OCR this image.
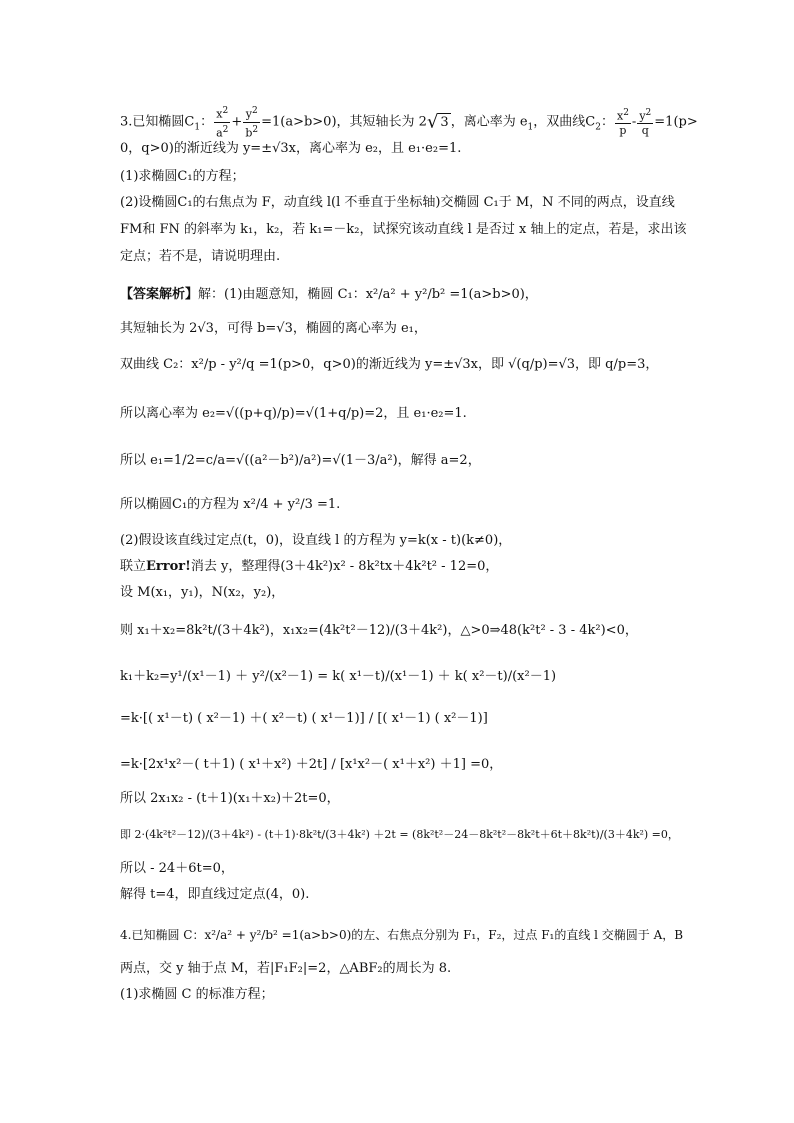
3.已知椭圆$C_1$： $\frac{x^2}{a^2} + \frac{y^2}{b^2} =1(a>b>0)$，其短轴长为 2√ 3 ，离心率为 $e_1$，双曲线$C_2$： $\frac{x^2}{p} - \frac{y^2}{q} =1(p>$
0，q>0)的渐近线为 y=±√3x，离心率为 e₂，且 e₁·e₂=1.
(1)求椭圆C₁的方程；
(2)设椭圆C₁的右焦点为 F，动直线 l(l 不垂直于坐标轴)交椭圆 C₁于 M，N 不同的两点，设直线
FM和 FN 的斜率为 k₁，k₂，若 k₁=－k₂，试探究该动直线 l 是否过 x 轴上的定点，若是，求出该
定点；若不是，请说明理由.
【答案解析】解：(1)由题意知，椭圆 C₁：x²/a² + y²/b² =1(a>b>0)，
其短轴长为 2√3，可得 b=√3，椭圆的离心率为 e₁，
双曲线 C₂：x²/p - y²/q =1(p>0，q>0)的渐近线为 y=±√3x，即 √(q/p)=√3，即 q/p=3，
所以离心率为 e₂=√((p+q)/p)=√(1+q/p)=2，且 e₁·e₂=1.
所以 e₁=1/2=c/a=√((a²－b²)/a²)=√(1－3/a²)，解得 a=2，
所以椭圆C₁的方程为 x²/4 + y²/3 =1.
(2)假设该直线过定点(t，0)，设直线 l 的方程为 y=k(x - t)(k≠0)，
联立Error!消去 y，整理得(3＋4k²)x² - 8k²tx＋4k²t² - 12=0，
设 M(x₁，y₁)，N(x₂，y₂)，
则 x₁＋x₂=8k²t/(3＋4k²)，x₁x₂=(4k²t²－12)/(3＋4k²)，△>0⇒48(k²t² - 3 - 4k²)<0，
k₁＋k₂=y¹/(x¹－1) ＋ y²/(x²－1) = k( x¹－t)/(x¹－1) ＋ k( x²－t)/(x²－1)
=k·[( x¹－t) ( x²－1) ＋( x²－t) ( x¹－1)] / [( x¹－1) ( x²－1)]
=k·[2x¹x²－( t＋1) ( x¹＋x²) ＋2t] / [x¹x²－( x¹＋x²) ＋1] =0，
所以 2x₁x₂ - (t＋1)(x₁＋x₂)＋2t=0，
即 2·(4k²t²－12)/(3＋4k²) - (t＋1)·8k²t/(3＋4k²) ＋2t = (8k²t²－24－8k²t²－8k²t＋6t＋8k²t)/(3＋4k²) =0，
所以 - 24＋6t=0，
解得 t=4，即直线过定点(4，0).
4.已知椭圆 C：x²/a² + y²/b² =1(a>b>0)的左、右焦点分别为 F₁，F₂，过点 F₁的直线 l 交椭圆于 A，B
两点，交 y 轴于点 M，若|F₁F₂|=2，△ABF₂的周长为 8.
(1)求椭圆 C 的标准方程；
